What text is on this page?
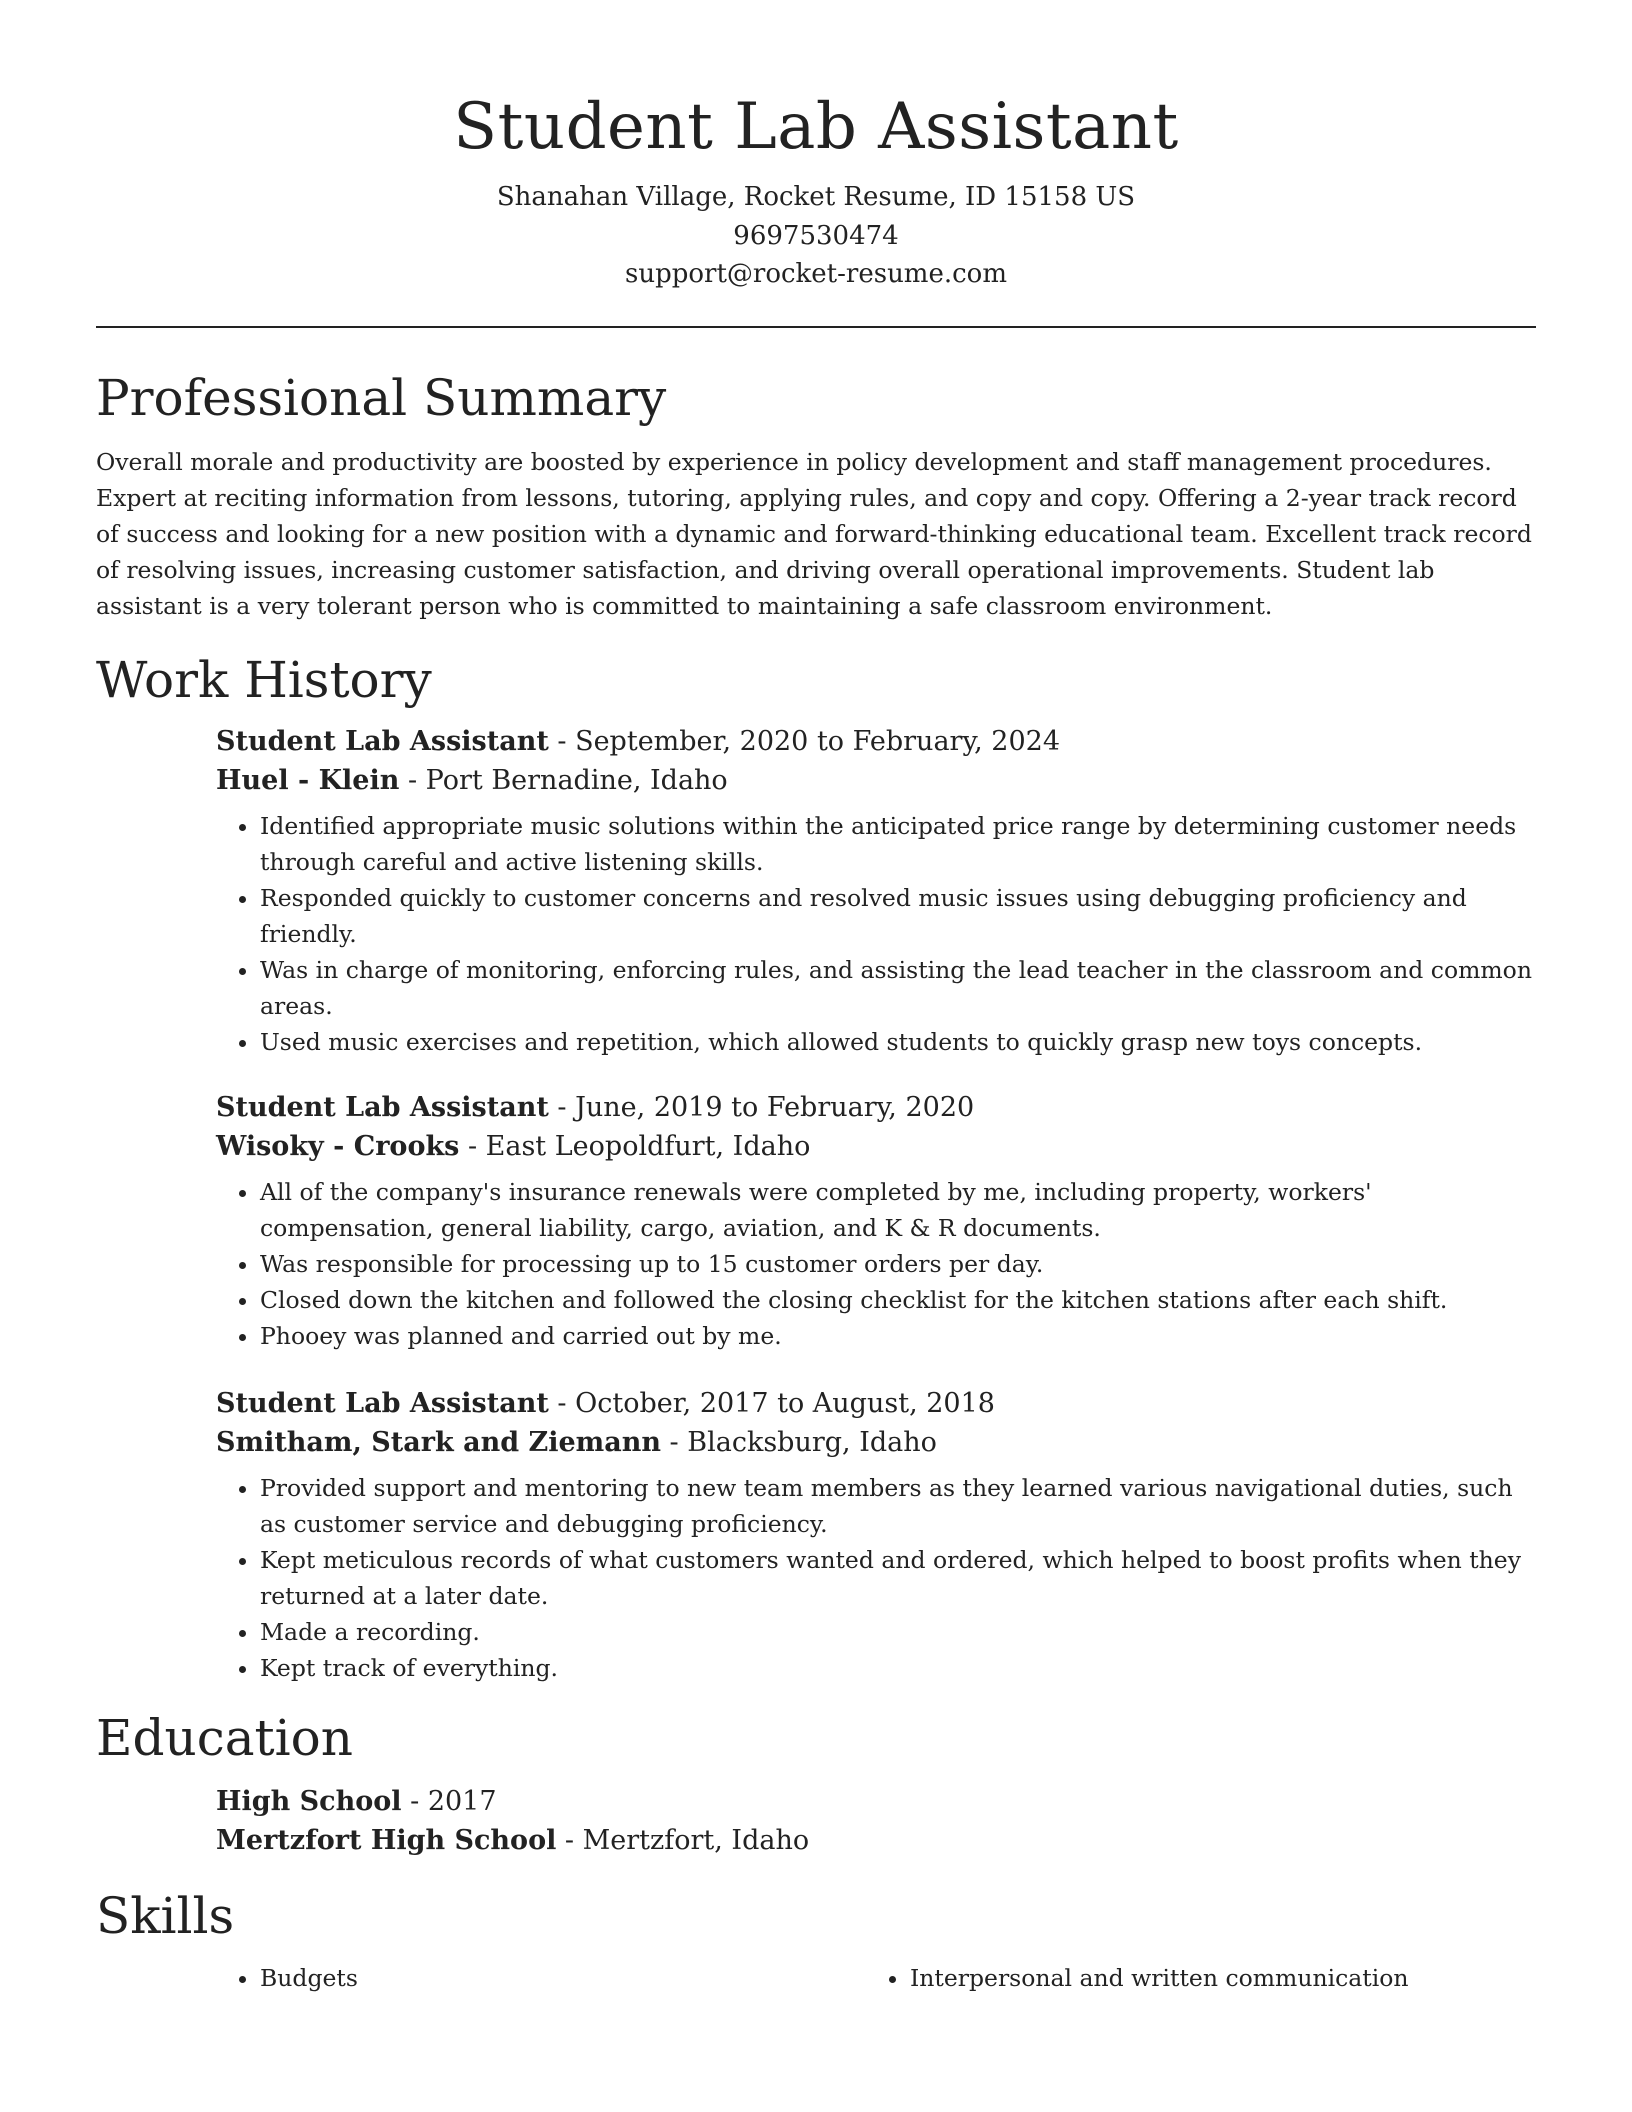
Student Lab Assistant
Shanahan Village, Rocket Resume, ID 15158 US
9697530474
support@rocket-resume.com
Professional Summary

Overall morale and productivity are boosted by experience in policy development and staff management procedures. Expert at reciting information from lessons, tutoring, applying rules, and copy and copy. Offering a 2-year track record of success and looking for a new position with a dynamic and forward-thinking educational team. Excellent track record of resolving issues, increasing customer satisfaction, and driving overall operational improvements. Student lab assistant is a very tolerant person who is committed to maintaining a safe classroom environment.

Work History
Student Lab Assistant - September, 2020 to February, 2024
Huel - Klein - Port Bernadine, Idaho
• Identified appropriate music solutions within the anticipated price range by determining customer needs through careful and active listening skills.
• Responded quickly to customer concerns and resolved music issues using debugging proficiency and friendly.
• Was in charge of monitoring, enforcing rules, and assisting the lead teacher in the classroom and common areas.
• Used music exercises and repetition, which allowed students to quickly grasp new toys concepts.
Student Lab Assistant - June, 2019 to February, 2020
Wisoky - Crooks - East Leopoldfurt, Idaho
• All of the company's insurance renewals were completed by me, including property, workers' compensation, general liability, cargo, aviation, and K & R documents.
• Was responsible for processing up to 15 customer orders per day.
• Closed down the kitchen and followed the closing checklist for the kitchen stations after each shift.
• Phooey was planned and carried out by me.
Student Lab Assistant - October, 2017 to August, 2018
Smitham, Stark and Ziemann - Blacksburg, Idaho
• Provided support and mentoring to new team members as they learned various navigational duties, such as customer service and debugging proficiency.
• Kept meticulous records of what customers wanted and ordered, which helped to boost profits when they returned at a later date.
• Made a recording.
• Kept track of everything.
Education
High School - 2017
Mertzfort High School - Mertzfort, Idaho
Skills
• Budgets
•	Interpersonal and written communication
